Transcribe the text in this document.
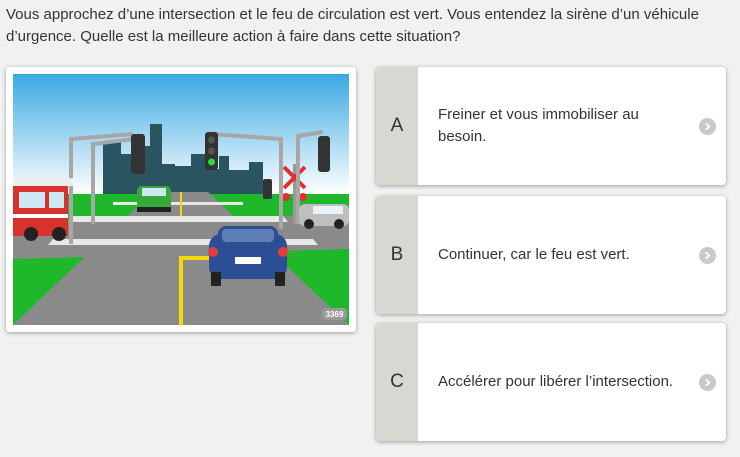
Vous approchez d’une intersection et le feu de circulation est vert. Vous entendez la sirène d’un véhicule d’urgence. Quelle est la meilleure action à faire dans cette situation?
3369
A
Freiner et vous immobiliser au besoin.
B	Continuer, car le feu est vert.
C	Accélérer pour libérer l’intersection.
